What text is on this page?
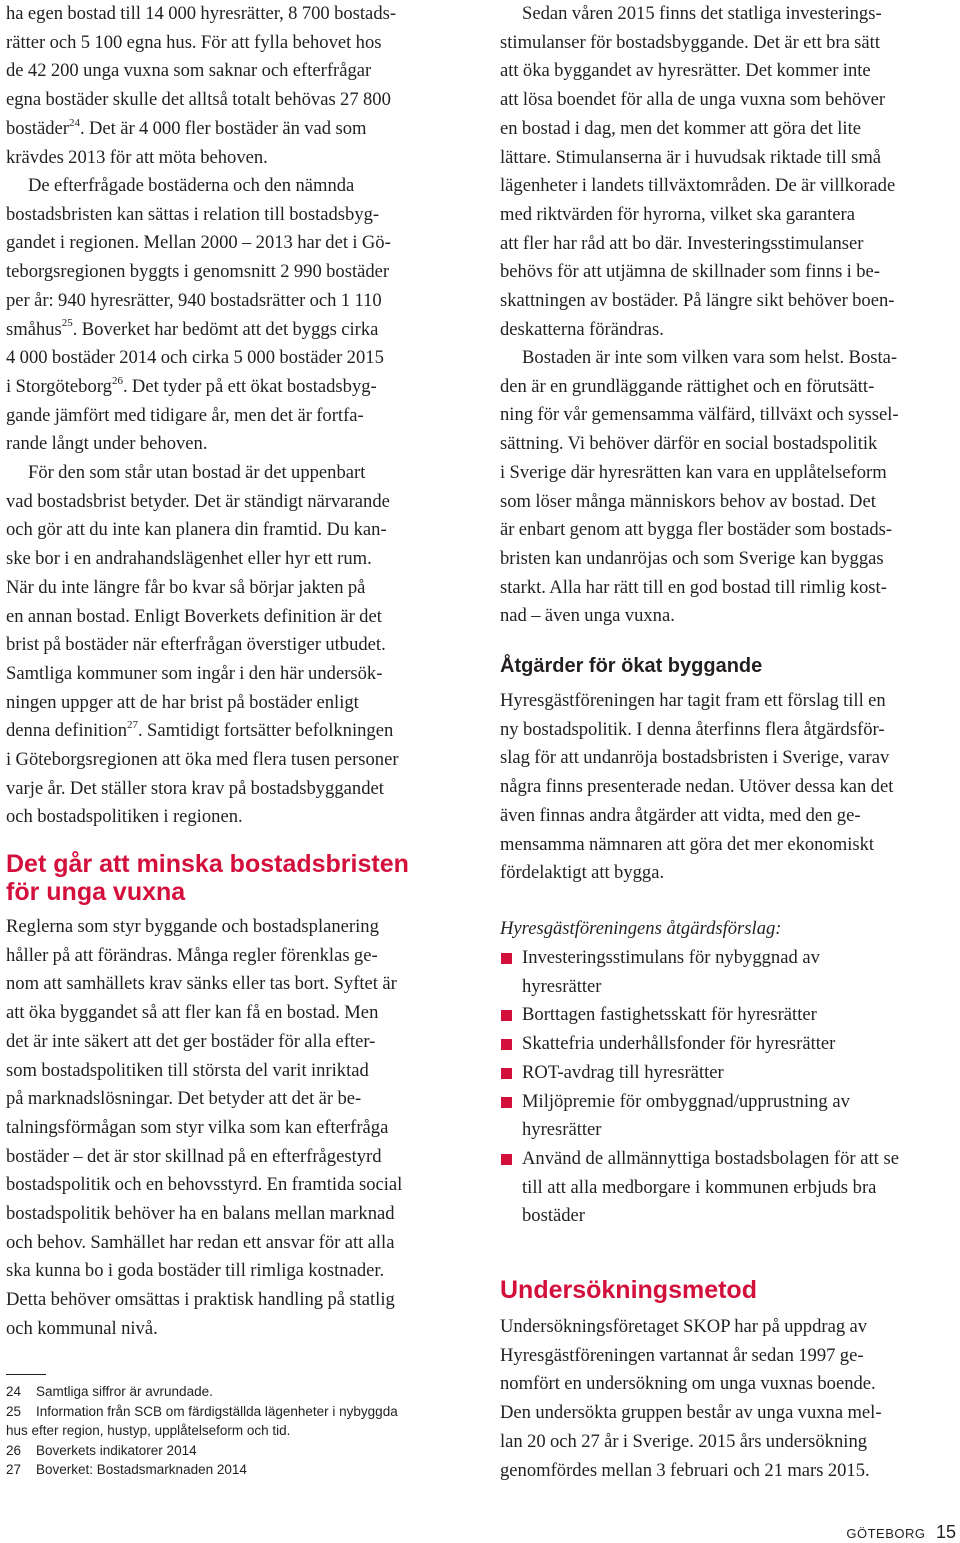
ha egen bostad till 14 000 hyresrätter, 8 700 bostads-
rätter och 5 100 egna hus. För att fylla behovet hos
de 42 200 unga vuxna som saknar och efterfrågar
egna bostäder skulle det alltså totalt behövas 27 800
bostäder$^{24}$. Det är 4 000 fler bostäder än vad som
krävdes 2013 för att möta behoven.

De efterfrågade bostäderna och den nämnda
bostadsbristen kan sättas i relation till bostadsbyg-
gandet i regionen. Mellan 2000 – 2013 har det i Gö-
teborgsregionen byggts i genomsnitt 2 990 bostäder
per år: 940 hyresrätter, 940 bostadsrätter och 1 110
småhus$^{25}$. Boverket har bedömt att det byggs cirka
4 000 bostäder 2014 och cirka 5 000 bostäder 2015
i Storgöteborg$^{26}$. Det tyder på ett ökat bostadsbyg-
gande jämfört med tidigare år, men det är fortfa-
rande långt under behoven.

För den som står utan bostad är det uppenbart
vad bostadsbrist betyder. Det är ständigt närvarande
och gör att du inte kan planera din framtid. Du kan-
ske bor i en andrahandslägenhet eller hyr ett rum.
När du inte längre får bo kvar så börjar jakten på
en annan bostad. Enligt Boverkets definition är det
brist på bostäder när efterfrågan överstiger utbudet.
Samtliga kommuner som ingår i den här undersök-
ningen uppger att de har brist på bostäder enligt
denna definition$^{27}$. Samtidigt fortsätter befolkningen
i Göteborgsregionen att öka med flera tusen personer
varje år. Det ställer stora krav på bostadsbyggandet
och bostadspolitiken i regionen.

Det går att minska bostadsbristen
för unga vuxna

Reglerna som styr byggande och bostadsplanering
håller på att förändras. Många regler förenklas ge-
nom att samhällets krav sänks eller tas bort. Syftet är
att öka byggandet så att fler kan få en bostad. Men
det är inte säkert att det ger bostäder för alla efter-
som bostadspolitiken till största del varit inriktad
på marknadslösningar. Det betyder att det är be-
talningsförmågan som styr vilka som kan efterfråga
bostäder – det är stor skillnad på en efterfrågestyrd
bostadspolitik och en behovsstyrd. En framtida social
bostadspolitik behöver ha en balans mellan marknad
och behov. Samhället har redan ett ansvar för att alla
ska kunna bo i goda bostäder till rimliga kostnader.
Detta behöver omsättas i praktisk handling på statlig
och kommunal nivå.

24 Samtliga siffror är avrundade.
25 Information från SCB om färdigställda lägenheter i nybyggda
hus efter region, hustyp, upplåtelseform och tid.
26 Boverkets indikatorer 2014
27 Boverket: Bostadsmarknaden 2014

Sedan våren 2015 finns det statliga investerings-
stimulanser för bostadsbyggande. Det är ett bra sätt
att öka byggandet av hyresrätter. Det kommer inte
att lösa boendet för alla de unga vuxna som behöver
en bostad i dag, men det kommer att göra det lite
lättare. Stimulanserna är i huvudsak riktade till små
lägenheter i landets tillväxtområden. De är villkorade
med riktvärden för hyrorna, vilket ska garantera
att fler har råd att bo där. Investeringsstimulanser
behövs för att utjämna de skillnader som finns i be-
skattningen av bostäder. På längre sikt behöver boen-
deskatterna förändras.

Bostaden är inte som vilken vara som helst. Bosta-
den är en grundläggande rättighet och en förutsätt-
ning för vår gemensamma välfärd, tillväxt och syssel-
sättning. Vi behöver därför en social bostadspolitik
i Sverige där hyresrätten kan vara en upplåtelseform
som löser många människors behov av bostad. Det
är enbart genom att bygga fler bostäder som bostads-
bristen kan undanröjas och som Sverige kan byggas
starkt. Alla har rätt till en god bostad till rimlig kost-
nad – även unga vuxna.

Åtgärder för ökat byggande

Hyresgästföreningen har tagit fram ett förslag till en
ny bostadspolitik. I denna återfinns flera åtgärdsför-
slag för att undanröja bostadsbristen i Sverige, varav
några finns presenterade nedan. Utöver dessa kan det
även finnas andra åtgärder att vidta, med den ge-
mensamma nämnaren att göra det mer ekonomiskt
fördelaktigt att bygga.

Hyresgästföreningens åtgärdsförslag:

Investeringsstimulans för nybyggnad av
hyresrätter
Borttagen fastighetsskatt för hyresrätter
Skattefria underhållsfonder för hyresrätter
ROT-avdrag till hyresrätter
Miljöpremie för ombyggnad/upprustning av
hyresrätter
Använd de allmännyttiga bostadsbolagen för att se
till att alla medborgare i kommunen erbjuds bra
bostäder
Undersökningsmetod

Undersökningsföretaget SKOP har på uppdrag av
Hyresgästföreningen vartannat år sedan 1997 ge-
nomfört en undersökning om unga vuxnas boende.
Den undersökta gruppen består av unga vuxna mel-
lan 20 och 27 år i Sverige. 2015 års undersökning
genomfördes mellan 3 februari och 21 mars 2015.

GÖTEBORG 15
